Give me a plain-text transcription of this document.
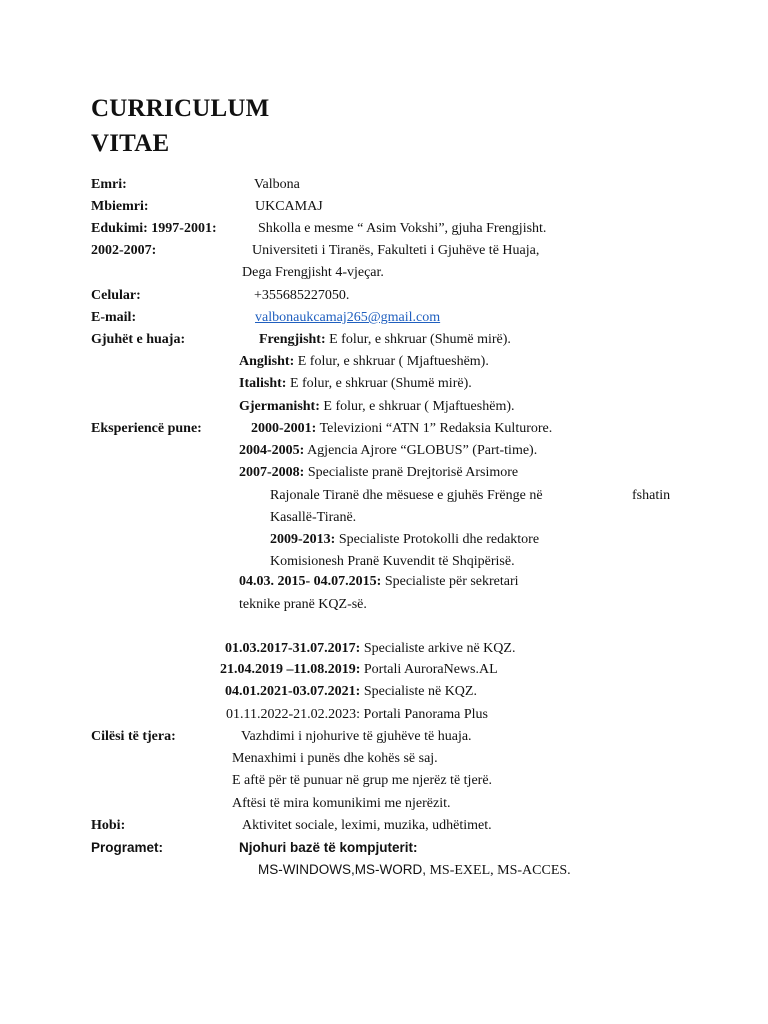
CURRICULUM
VITAE
Emri:	Valbona
Mbiemri:	UKCAMAJ
Edukimi: 1997-2001:	Shkolla e mesme “ Asim Vokshi”, gjuha Frengjisht.
2002-2007:	Universiteti i Tiranës, Fakulteti i Gjuhëve të Huaja,
Dega Frengjisht 4-vjeçar.
Celular:	+355685227050.
E-mail:	valbonaukcamaj265@gmail.com
Gjuhët e huaja:	Frengjisht: E folur, e shkruar (Shumë mirë).
Anglisht: E folur, e shkruar ( Mjaftueshëm).
Italisht: E folur, e shkruar (Shumë mirë).
Gjermanisht: E folur, e shkruar ( Mjaftueshëm).
Eksperiencë pune:	2000-2001: Televizioni “ATN 1” Redaksia Kulturore.
2004-2005: Agjencia Ajrore “GLOBUS” (Part-time).
2007-2008: Specialiste pranë Drejtorisë Arsimore
Rajonale Tiranë dhe mësuese e gjuhës Frënge në	fshatin
Kasallë-Tiranë.
2009-2013: Specialiste Protokolli dhe redaktore
Komisionesh Pranë Kuvendit të Shqipërisë.
04.03. 2015- 04.07.2015: Specialiste për sekretari
teknike pranë KQZ-së.
01.03.2017-31.07.2017: Specialiste arkive në KQZ.
21.04.2019 –11.08.2019: Portali AuroraNews.AL
04.01.2021-03.07.2021: Specialiste në KQZ.
01.11.2022-21.02.2023: Portali Panorama Plus
Cilësi të tjera:	Vazhdimi i njohurive të gjuhëve të huaja.
Menaxhimi i punës dhe kohës së saj.
E aftë për të punuar në grup me njerëz të tjerë.
Aftësi të mira komunikimi me njerëzit.
Hobi:	Aktivitet sociale, leximi, muzika, udhëtimet.
Programet:	Njohuri bazë të kompjuterit:
MS-WINDOWS,MS-WORD, MS-EXEL, MS-ACCES.
